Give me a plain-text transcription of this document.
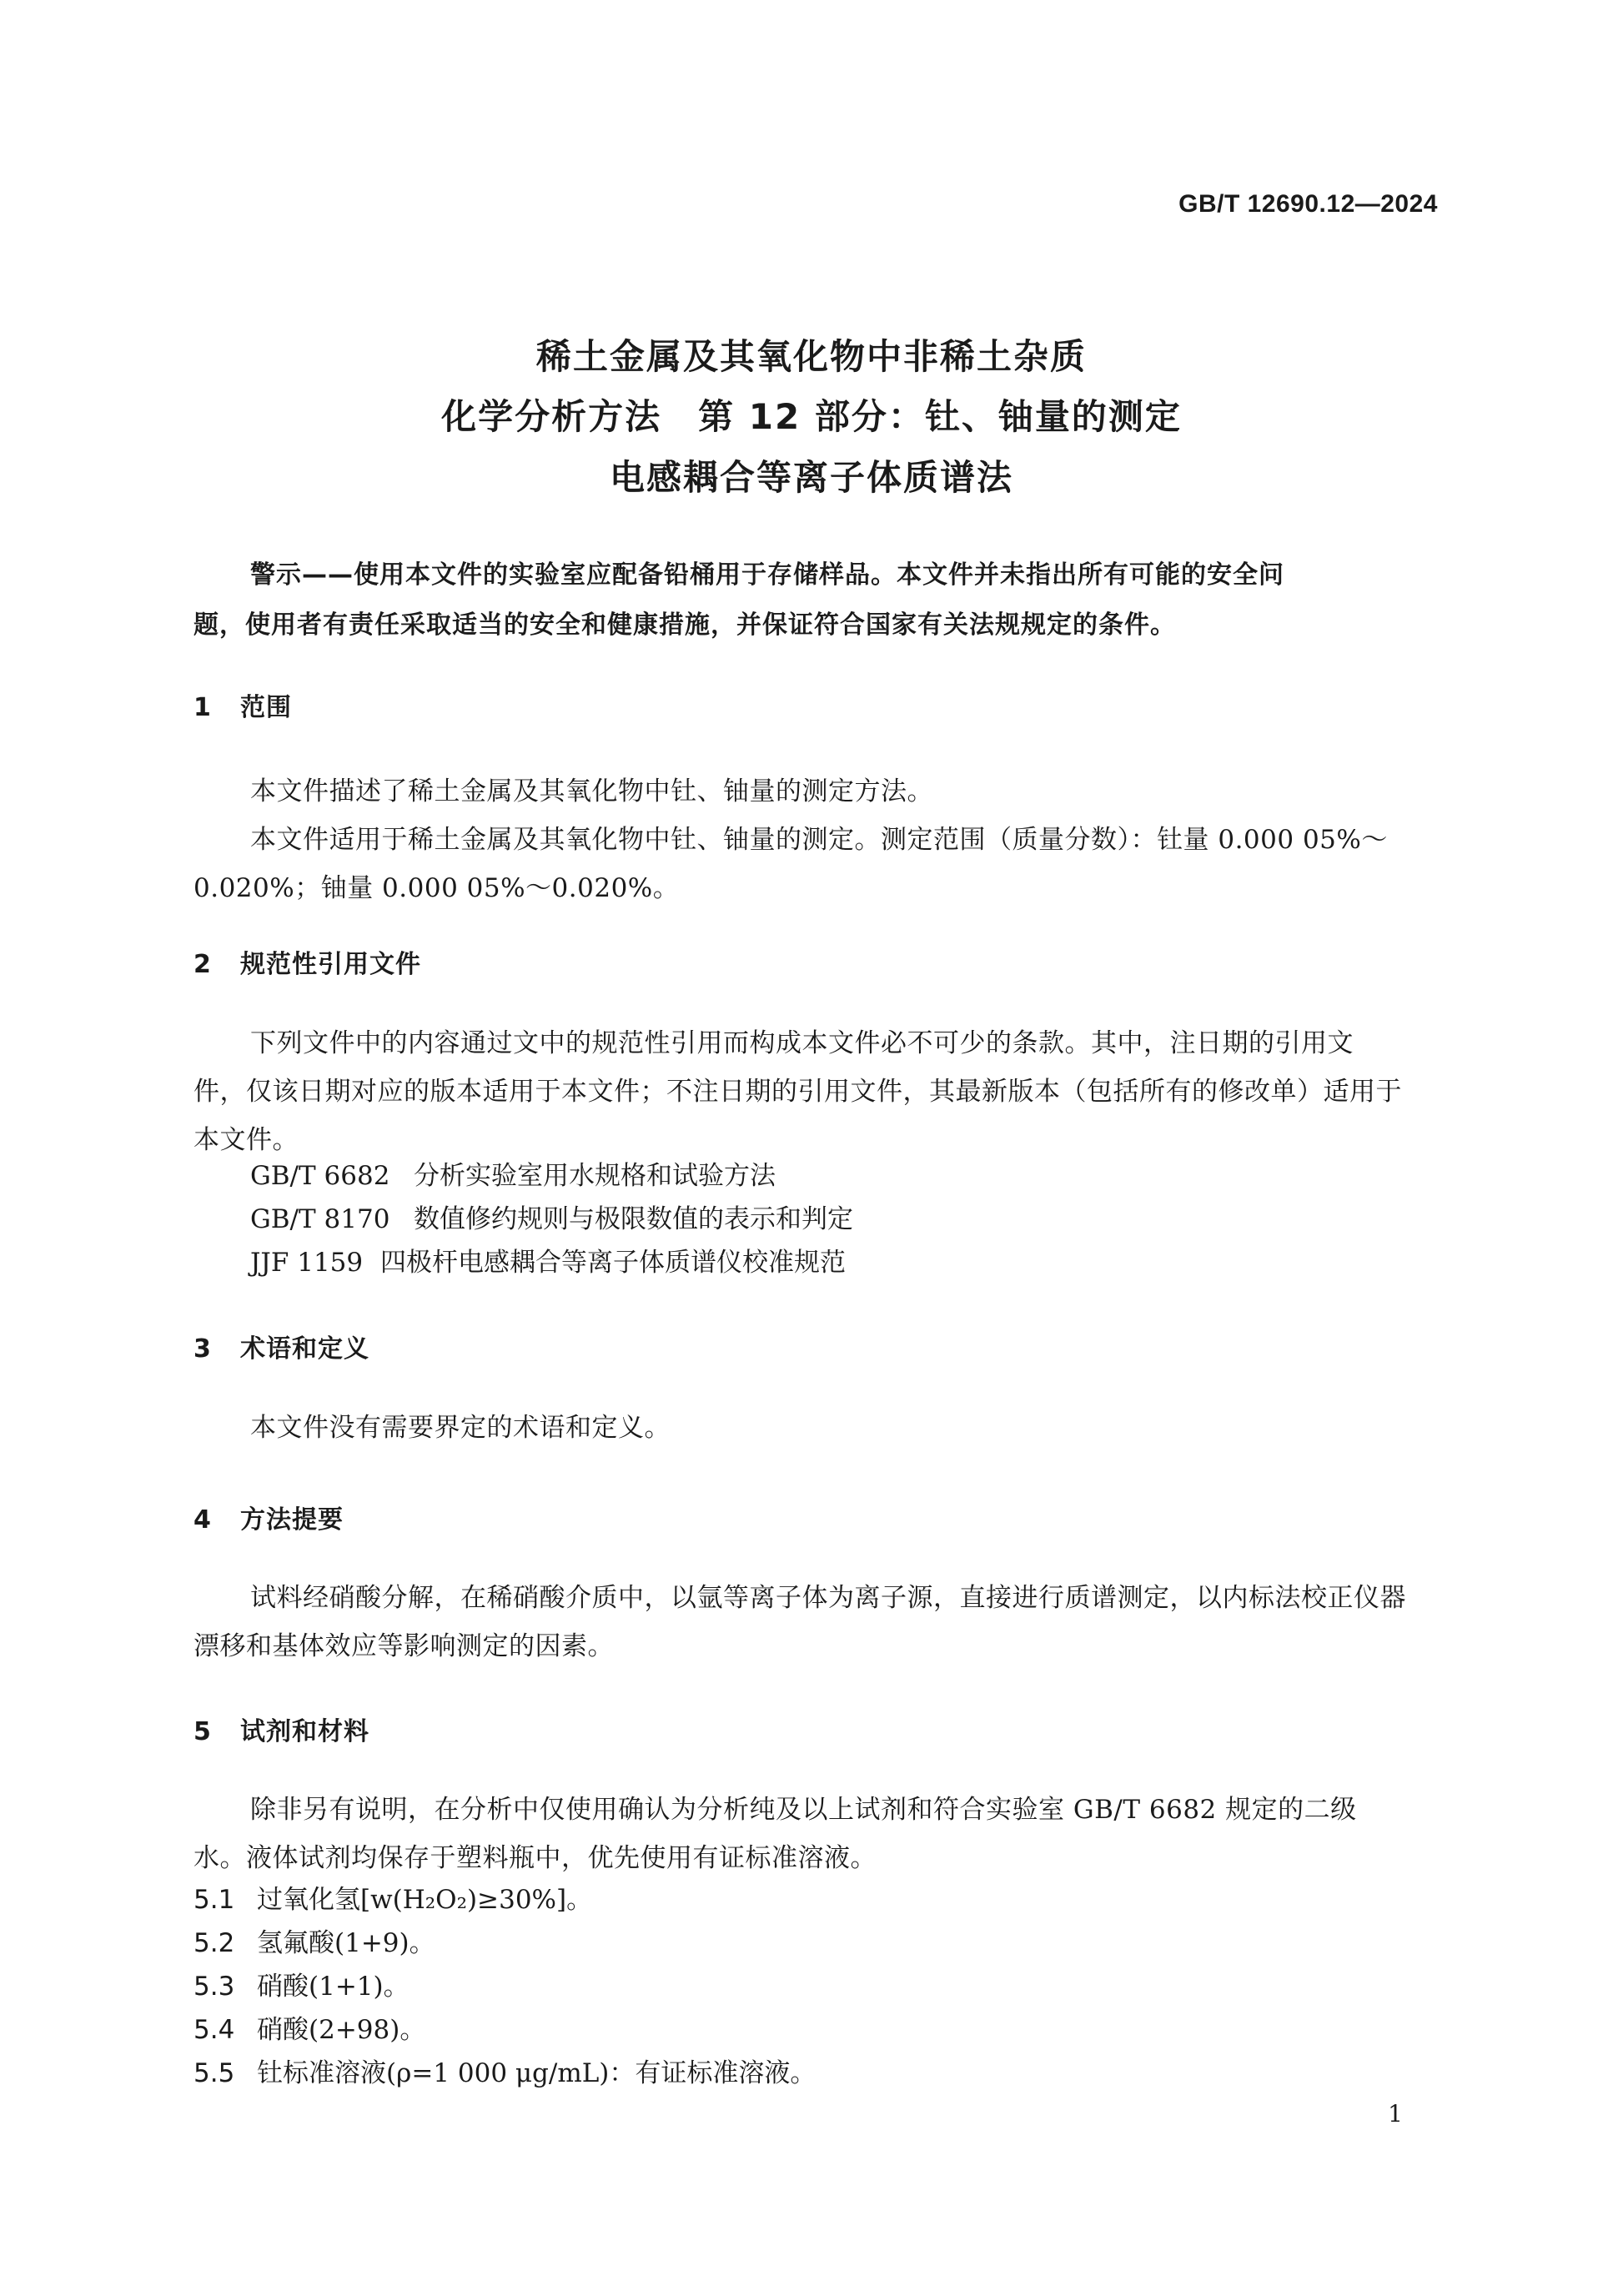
GB/T 12690.12—2024
稀土金属及其氧化物中非稀土杂质
化学分析方法　第 12 部分：钍、铀量的测定
电感耦合等离子体质谱法
警示——使用本文件的实验室应配备铅桶用于存储样品。本文件并未指出所有可能的安全问
题，使用者有责任采取适当的安全和健康措施，并保证符合国家有关法规规定的条件。
1 范围
本文件描述了稀土金属及其氧化物中钍、铀量的测定方法。
本文件适用于稀土金属及其氧化物中钍、铀量的测定。测定范围（质量分数）：钍量 0.000 05%～
0.020%；铀量 0.000 05%～0.020%。
2 规范性引用文件
下列文件中的内容通过文中的规范性引用而构成本文件必不可少的条款。其中，注日期的引用文
件，仅该日期对应的版本适用于本文件；不注日期的引用文件，其最新版本（包括所有的修改单）适用于
本文件。
GB/T 6682 分析实验室用水规格和试验方法
GB/T 8170 数值修约规则与极限数值的表示和判定
JJF 1159 四极杆电感耦合等离子体质谱仪校准规范
3 术语和定义
本文件没有需要界定的术语和定义。
4 方法提要
试料经硝酸分解，在稀硝酸介质中，以氩等离子体为离子源，直接进行质谱测定，以内标法校正仪器
漂移和基体效应等影响测定的因素。
5 试剂和材料
除非另有说明，在分析中仅使用确认为分析纯及以上试剂和符合实验室 GB/T 6682 规定的二级
水。液体试剂均保存于塑料瓶中，优先使用有证标准溶液。
5.1 过氧化氢[w(H₂O₂)≥30%]。
5.2 氢氟酸(1+9)。
5.3 硝酸(1+1)。
5.4 硝酸(2+98)。
5.5 钍标准溶液(ρ=1 000 μg/mL)：有证标准溶液。
1
